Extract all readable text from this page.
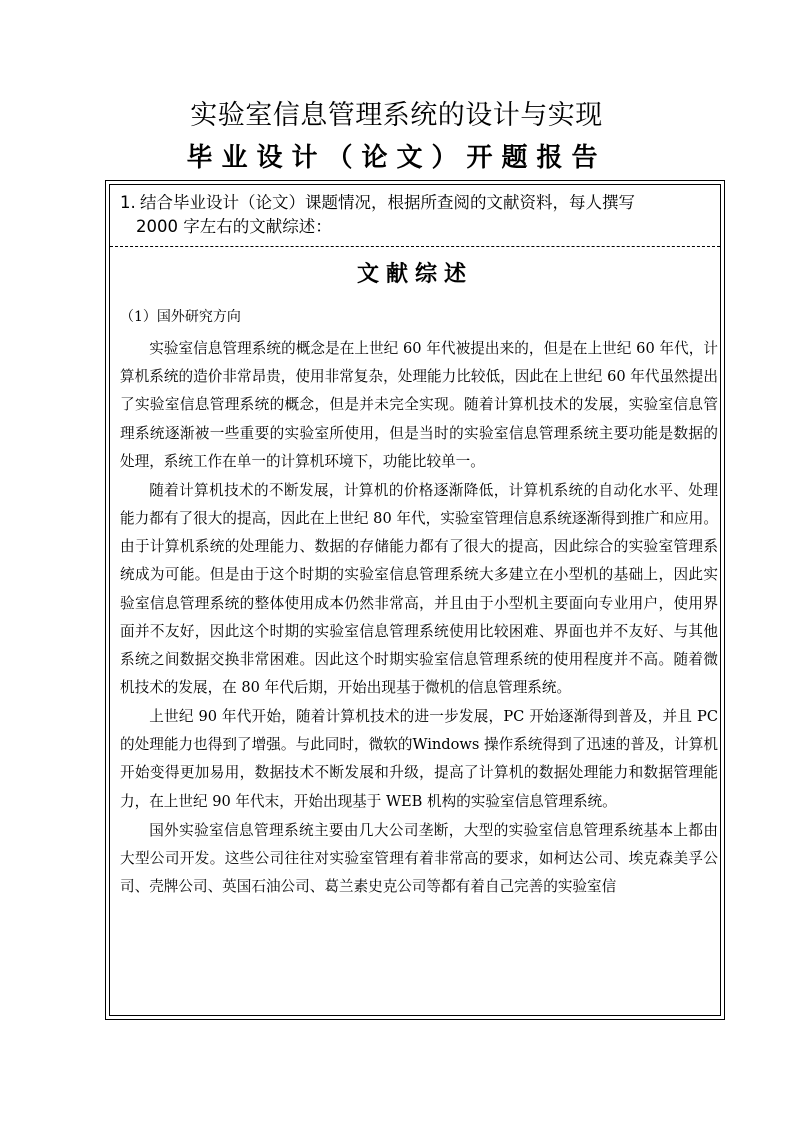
实验室信息管理系统的设计与实现
毕业设计（论文）开题报告
1. 结合毕业设计（论文）课题情况，根据所查阅的文献资料，每人撰写
2000 字左右的文献综述：
文献综述
（1）国外研究方向

实验室信息管理系统的概念是在上世纪 60 年代被提出来的，但是在上世纪 60 年代，计算机系统的造价非常昂贵，使用非常复杂，处理能力比较低，因此在上世纪 60 年代虽然提出了实验室信息管理系统的概念，但是并未完全实现。随着计算机技术的发展，实验室信息管理系统逐渐被一些重要的实验室所使用，但是当时的实验室信息管理系统主要功能是数据的处理，系统工作在单一的计算机环境下，功能比较单一。

随着计算机技术的不断发展，计算机的价格逐渐降低，计算机系统的自动化水平、处理能力都有了很大的提高，因此在上世纪 80 年代，实验室管理信息系统逐渐得到推广和应用。由于计算机系统的处理能力、数据的存储能力都有了很大的提高，因此综合的实验室管理系统成为可能。但是由于这个时期的实验室信息管理系统大多建立在小型机的基础上，因此实验室信息管理系统的整体使用成本仍然非常高，并且由于小型机主要面向专业用户，使用界面并不友好，因此这个时期的实验室信息管理系统使用比较困难、界面也并不友好、与其他系统之间数据交换非常困难。因此这个时期实验室信息管理系统的使用程度并不高。随着微机技术的发展，在 80 年代后期，开始出现基于微机的信息管理系统。

上世纪 90 年代开始，随着计算机技术的进一步发展，PC 开始逐渐得到普及，并且 PC 的处理能力也得到了增强。与此同时，微软的Windows 操作系统得到了迅速的普及，计算机开始变得更加易用，数据技术不断发展和升级，提高了计算机的数据处理能力和数据管理能力，在上世纪 90 年代末，开始出现基于 WEB 机构的实验室信息管理系统。

国外实验室信息管理系统主要由几大公司垄断，大型的实验室信息管理系统基本上都由大型公司开发。这些公司往往对实验室管理有着非常高的要求，如柯达公司、埃克森美孚公司、壳牌公司、英国石油公司、葛兰素史克公司等都有着自己完善的实验室信
